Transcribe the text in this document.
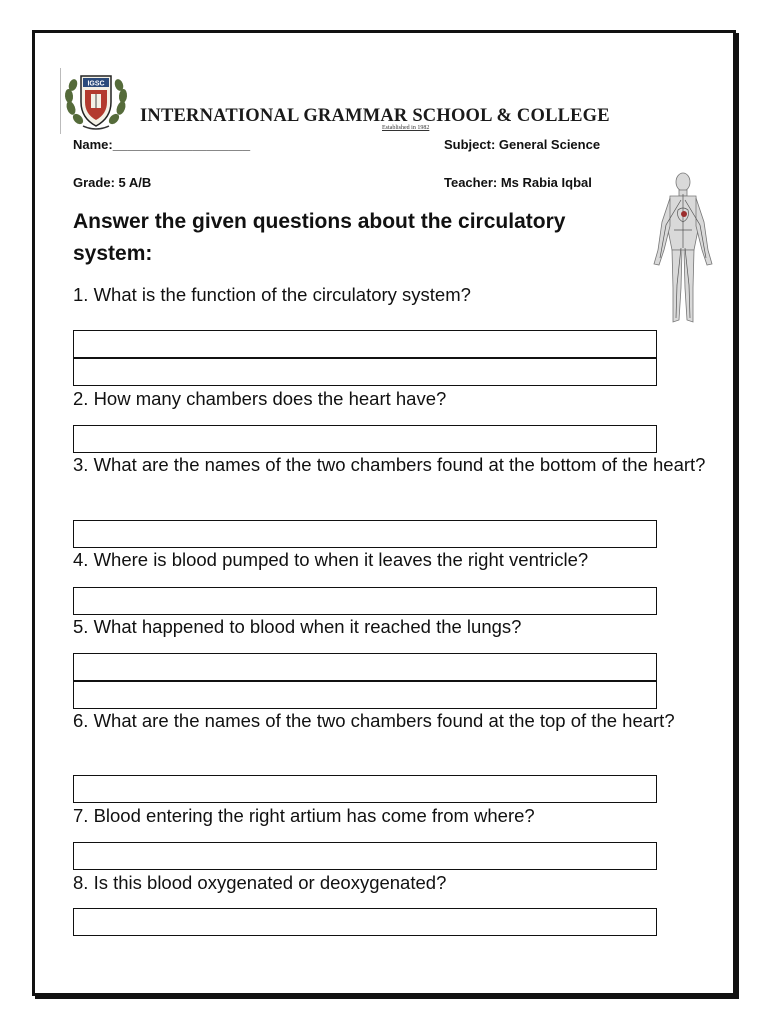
IGSC
INTERNATIONAL GRAMMAR SCHOOL & COLLEGE
Established in 1982
Name:___________________	Subject: General Science
Grade: 5 A/B	Teacher: Ms Rabia Iqbal
Answer the given questions about the circulatory system:
1. What is the function of the circulatory system?
2. How many chambers does the heart have?
3. What are the names of the two chambers found at the bottom of the heart?
4. Where is blood pumped to when it leaves the right ventricle?
5. What happened to blood when it reached the lungs?
6. What are the names of the two chambers found at the top of the heart?
7. Blood entering the right artium has come from where?
8. Is this blood oxygenated or deoxygenated?
